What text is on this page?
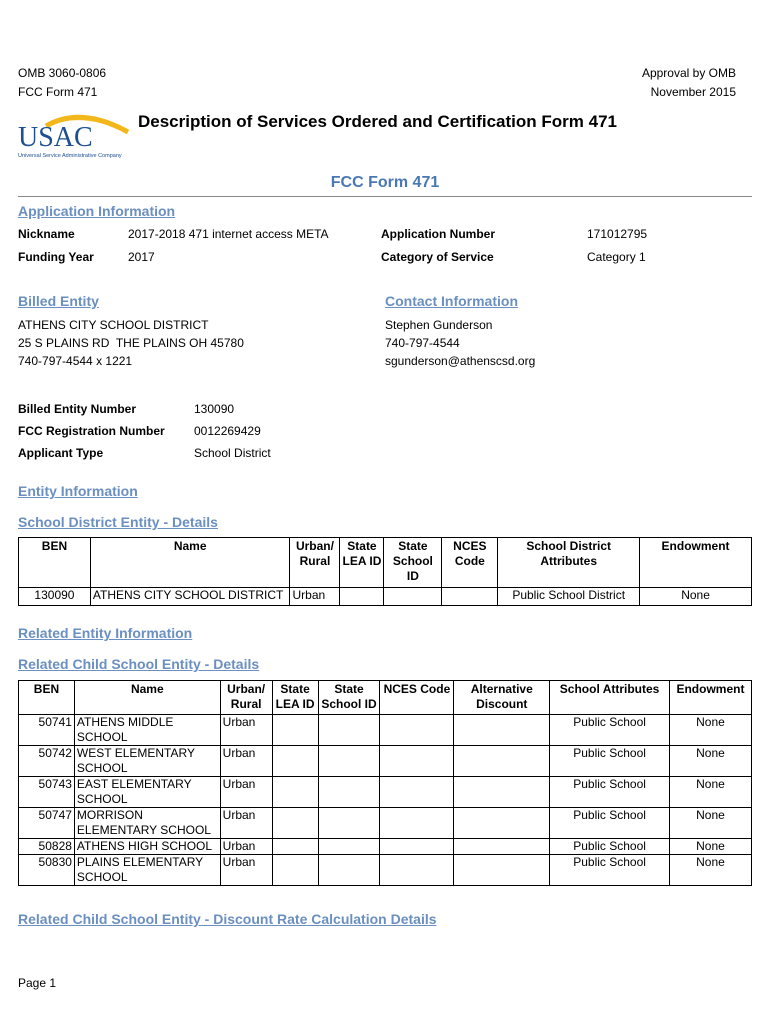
OMB 3060-0806
FCC Form 471
Approval by OMB
November 2015
USAC
Universal Service Administrative Company
Description of Services Ordered and Certification Form 471
FCC Form 471
Application Information
Nickname	2017-2018 471 internet access META	Application Number	171012795
Funding Year	2017	Category of Service	Category 1
Billed Entity
ATHENS CITY SCHOOL DISTRICT
25 S PLAINS RD  THE PLAINS OH 45780
740-797-4544 x 1221
Contact Information
Stephen Gunderson
740-797-4544
sgunderson@athenscsd.org
Billed Entity Number	130090
FCC Registration Number 0012269429
Applicant Type	School District
Entity Information
School District Entity - Details
BEN	Name	Urban/ Rural	State LEA ID	State School ID	NCES Code	School District Attributes	Endowment
130090	ATHENS CITY SCHOOL DISTRICT	Urban				Public School District	None
Related Entity Information
Related Child School Entity - Details
BEN	Name	Urban/ Rural	State LEA ID	State School ID	NCES Code	Alternative Discount	School Attributes	Endowment
50741	ATHENS MIDDLE SCHOOL	Urban					Public School	None
50742	WEST ELEMENTARY SCHOOL	Urban					Public School	None
50743	EAST ELEMENTARY SCHOOL	Urban					Public School	None
50747	MORRISON ELEMENTARY SCHOOL	Urban					Public School	None
50828	ATHENS HIGH SCHOOL	Urban					Public School	None
50830	PLAINS ELEMENTARY SCHOOL	Urban					Public School	None
Related Child School Entity - Discount Rate Calculation Details
Page 1
